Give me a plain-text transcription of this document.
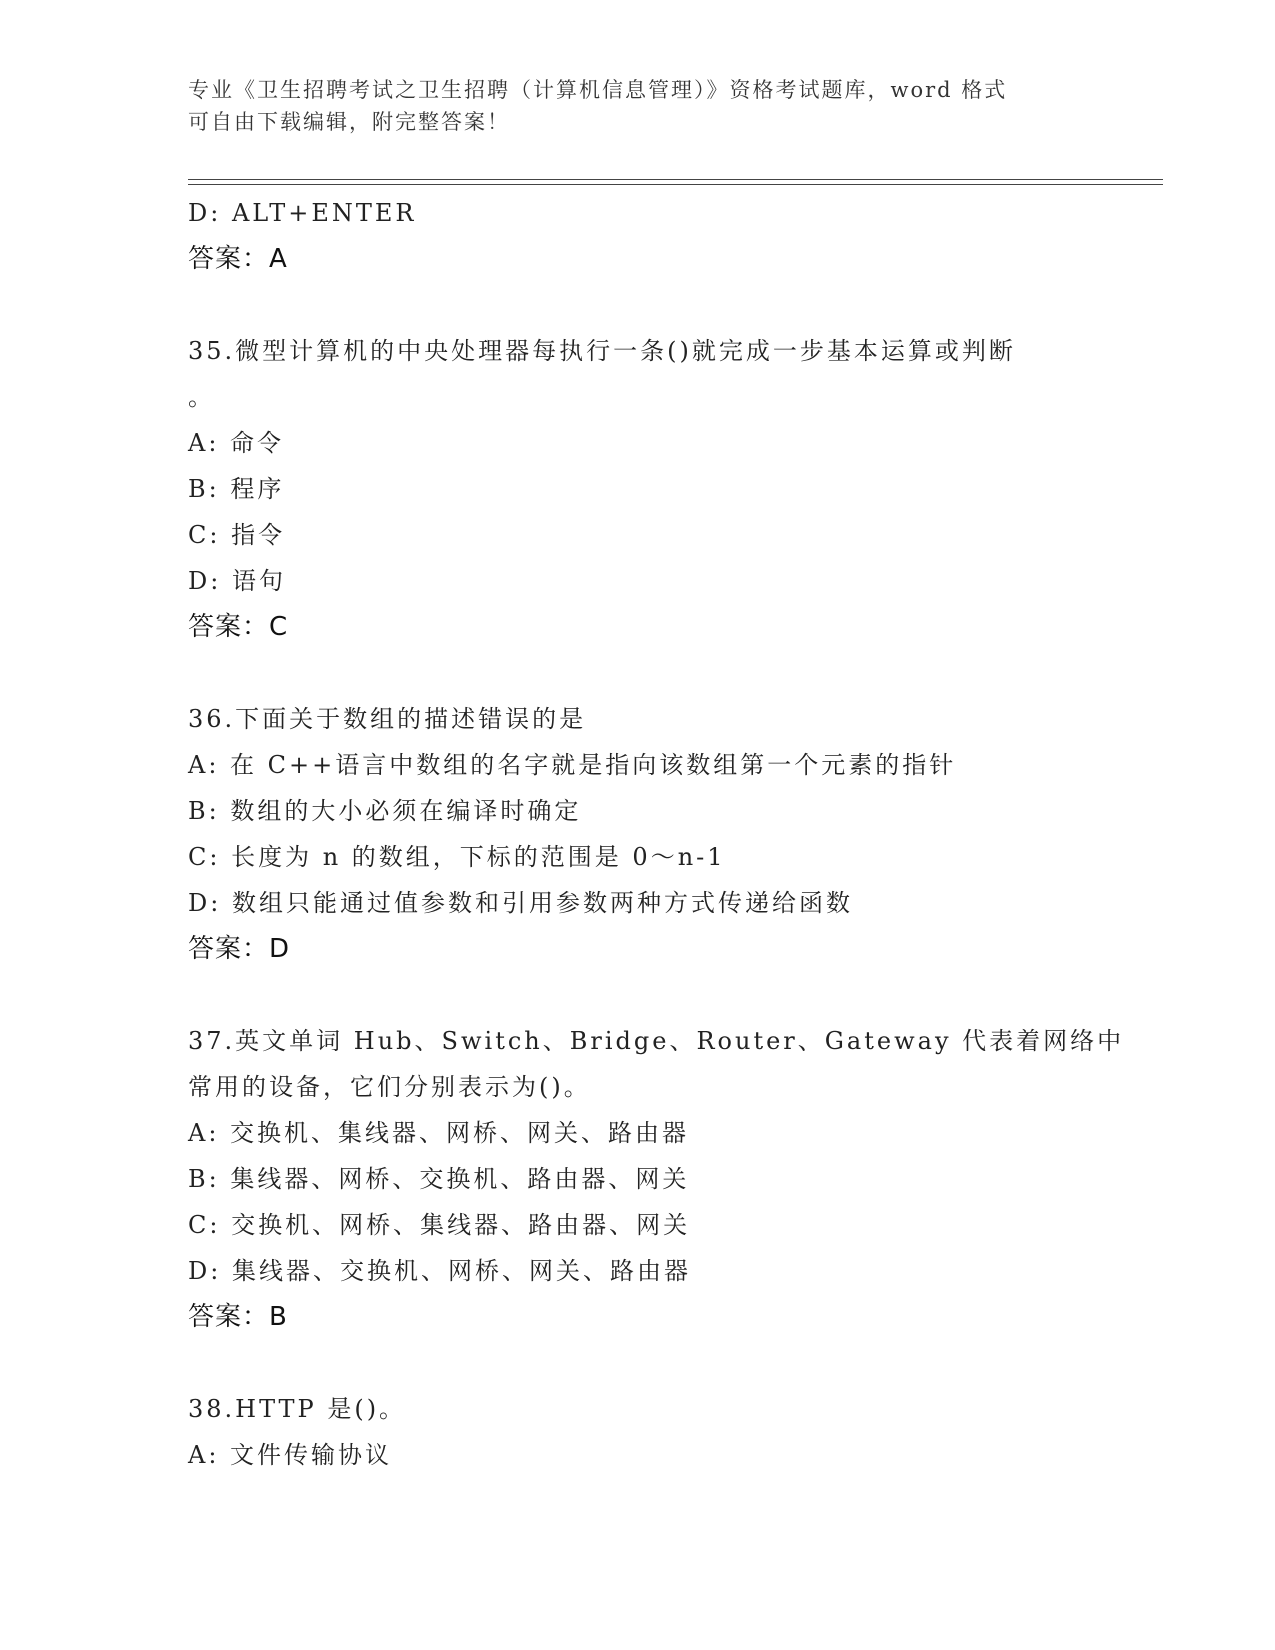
专业《卫生招聘考试之卫生招聘（计算机信息管理）》资格考试题库，word 格式
可自由下载编辑，附完整答案！
D: ALT+ENTER
答案：A
35.微型计算机的中央处理器每执行一条()就完成一步基本运算或判断
。
A: 命令
B: 程序
C: 指令
D: 语句
答案：C
36.下面关于数组的描述错误的是
A: 在 C++语言中数组的名字就是指向该数组第一个元素的指针
B: 数组的大小必须在编译时确定
C: 长度为 n 的数组，下标的范围是 0～n-1
D: 数组只能通过值参数和引用参数两种方式传递给函数
答案：D
37.英文单词 Hub、Switch、Bridge、Router、Gateway 代表着网络中
常用的设备，它们分别表示为()。
A: 交换机、集线器、网桥、网关、路由器
B: 集线器、网桥、交换机、路由器、网关
C: 交换机、网桥、集线器、路由器、网关
D: 集线器、交换机、网桥、网关、路由器
答案：B
38.HTTP 是()。
A: 文件传输协议
